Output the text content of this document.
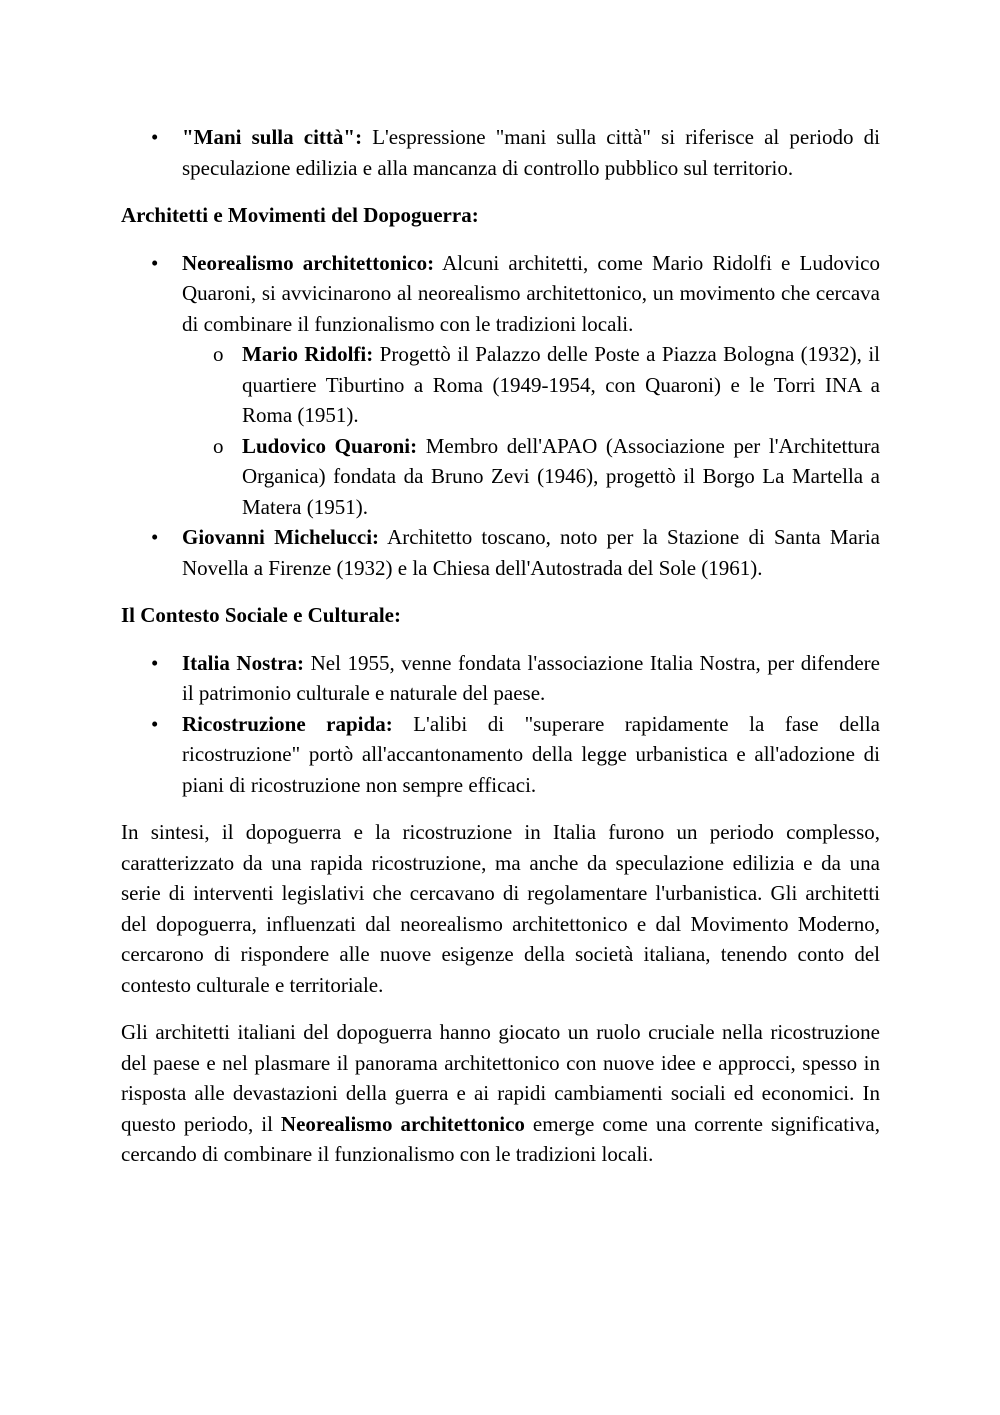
• "Mani sulla città": L'espressione "mani sulla città" si riferisce al periodo di speculazione edilizia e alla mancanza di controllo pubblico sul territorio.

Architetti e Movimenti del Dopoguerra:

• Neorealismo architettonico: Alcuni architetti, come Mario Ridolfi e Ludovico Quaroni, si avvicinarono al neorealismo architettonico, un movimento che cercava di combinare il funzionalismo con le tradizioni locali.
o Mario Ridolfi: Progettò il Palazzo delle Poste a Piazza Bologna (1932), il quartiere Tiburtino a Roma (1949-1954, con Quaroni) e le Torri INA a Roma (1951).
o Ludovico Quaroni: Membro dell'APAO (Associazione per l'Architettura Organica) fondata da Bruno Zevi (1946), progettò il Borgo La Martella a Matera (1951).
• Giovanni Michelucci: Architetto toscano, noto per la Stazione di Santa Maria Novella a Firenze (1932) e la Chiesa dell'Autostrada del Sole (1961).

Il Contesto Sociale e Culturale:

• Italia Nostra: Nel 1955, venne fondata l'associazione Italia Nostra, per difendere il patrimonio culturale e naturale del paese.
• Ricostruzione rapida: L'alibi di "superare rapidamente la fase della ricostruzione" portò all'accantonamento della legge urbanistica e all'adozione di piani di ricostruzione non sempre efficaci.

In sintesi, il dopoguerra e la ricostruzione in Italia furono un periodo complesso, caratterizzato da una rapida ricostruzione, ma anche da speculazione edilizia e da una serie di interventi legislativi che cercavano di regolamentare l'urbanistica. Gli architetti del dopoguerra, influenzati dal neorealismo architettonico e dal Movimento Moderno, cercarono di rispondere alle nuove esigenze della società italiana, tenendo conto del contesto culturale e territoriale.

Gli architetti italiani del dopoguerra hanno giocato un ruolo cruciale nella ricostruzione del paese e nel plasmare il panorama architettonico con nuove idee e approcci, spesso in risposta alle devastazioni della guerra e ai rapidi cambiamenti sociali ed economici. In questo periodo, il Neorealismo architettonico emerge come una corrente significativa, cercando di combinare il funzionalismo con le tradizioni locali.
